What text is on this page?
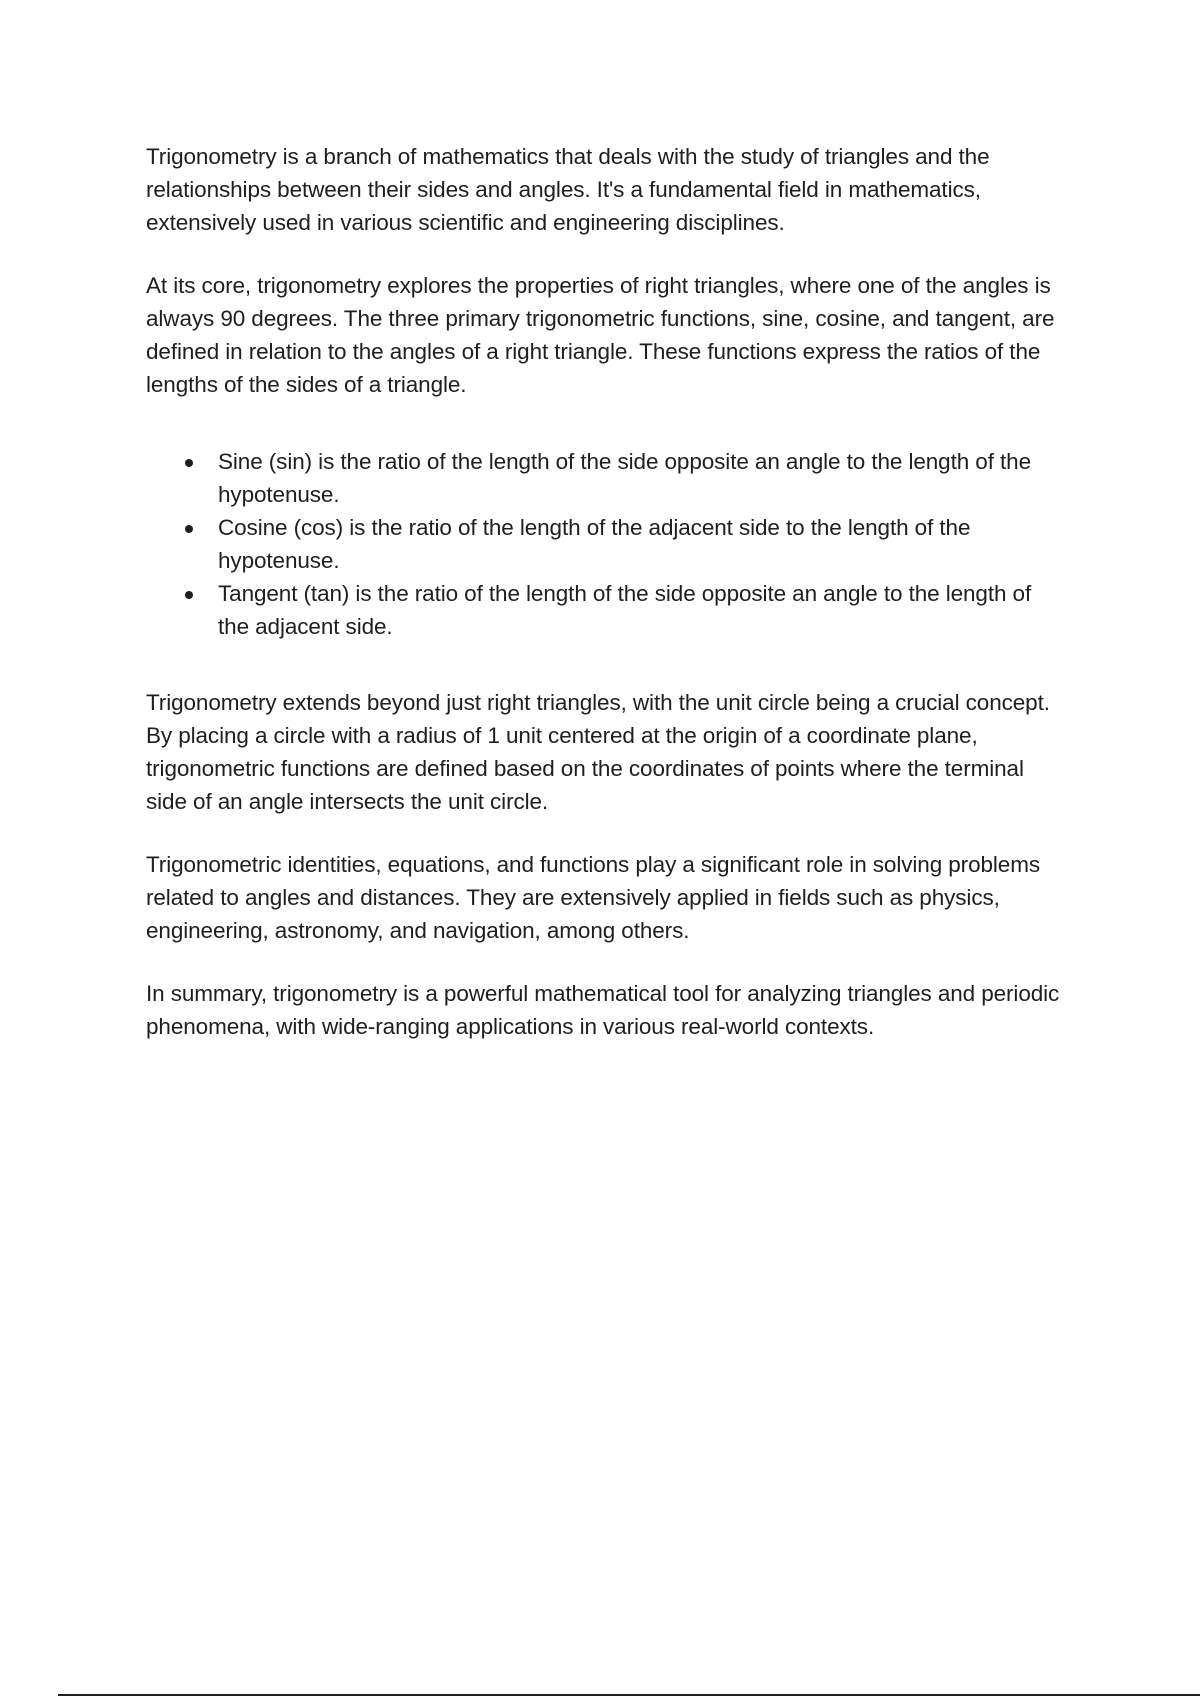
Trigonometry is a branch of mathematics that deals with the study of triangles and the relationships between their sides and angles. It's a fundamental field in mathematics, extensively used in various scientific and engineering disciplines.

At its core, trigonometry explores the properties of right triangles, where one of the angles is always 90 degrees. The three primary trigonometric functions, sine, cosine, and tangent, are defined in relation to the angles of a right triangle. These functions express the ratios of the lengths of the sides of a triangle.

Sine (sin) is the ratio of the length of the side opposite an angle to the length of the hypotenuse.
Cosine (cos) is the ratio of the length of the adjacent side to the length of the hypotenuse.
Tangent (tan) is the ratio of the length of the side opposite an angle to the length of the adjacent side.

Trigonometry extends beyond just right triangles, with the unit circle being a crucial concept. By placing a circle with a radius of 1 unit centered at the origin of a coordinate plane, trigonometric functions are defined based on the coordinates of points where the terminal side of an angle intersects the unit circle.

Trigonometric identities, equations, and functions play a significant role in solving problems related to angles and distances. They are extensively applied in fields such as physics, engineering, astronomy, and navigation, among others.

In summary, trigonometry is a powerful mathematical tool for analyzing triangles and periodic phenomena, with wide-ranging applications in various real-world contexts.
